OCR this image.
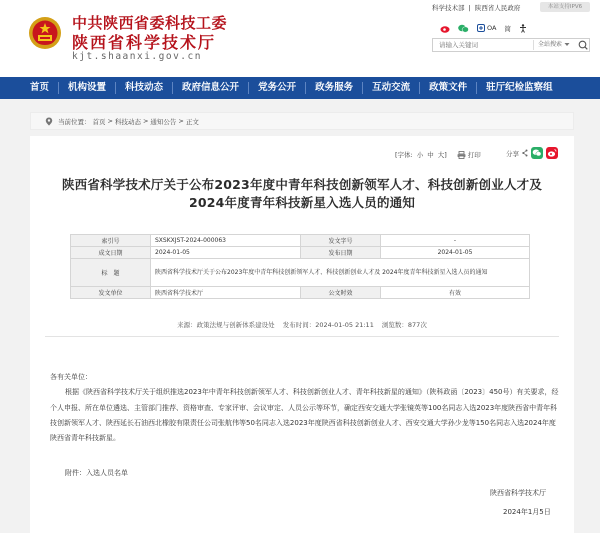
中共陕西省委科技工委
陕西省科学技术厅
kjt.shaanxi.gov.cn
科学技术部 | 陕西省人民政府	本站支持IPV6
OA 简
请输入关键词
全站搜索
首页 机构设置 科技动态 政府信息公开 党务公开 政务服务 互动交流 政策文件 驻厅纪检监察组
当前位置： 首页 > 科技动态 > 通知公告 > 正文
[字体: 小 中 大 ]	打印	分享
陕西省科学技术厅关于公布2023年度中青年科技创新领军人才、科技创新创业人才及
2024年度青年科技新星入选人员的通知
索引号	SXSKXJST-2024-000063	发文字号	-
成文日期	2024-01-05	发布日期	2024-01-05
标　题	陕西省科学技术厅关于公布2023年度中青年科技创新领军人才、科技创新创业人才及 2024年度青年科技新星入选人员的通知		
发文单位	陕西省科学技术厅	公文时效	有效
来源：政策法规与创新体系建设处 发布时间：2024-01-05 21:11 浏览数：877次

各有关单位：

根据《陕西省科学技术厅关于组织推选2023年中青年科技创新领军人才、科技创新创业人才、青年科技新星的通知》（陕科政函〔2023〕450号）有关要求，经个人申报、所在单位遴选、主管部门推荐、资格审查、专家评审、会议审定、人员公示等环节，确定西安交通大学张镜英等100名同志入选2023年度陕西省中青年科技创新领军人才、陕西延长石油西北橡胶有限责任公司张航伟等50名同志入选2023年度陕西省科技创新创业人才、西安交通大学孙少龙等150名同志入选2024年度陕西省青年科技新星。

附件：入选人员名单
陕西省科学技术厅
2024年1月5日
